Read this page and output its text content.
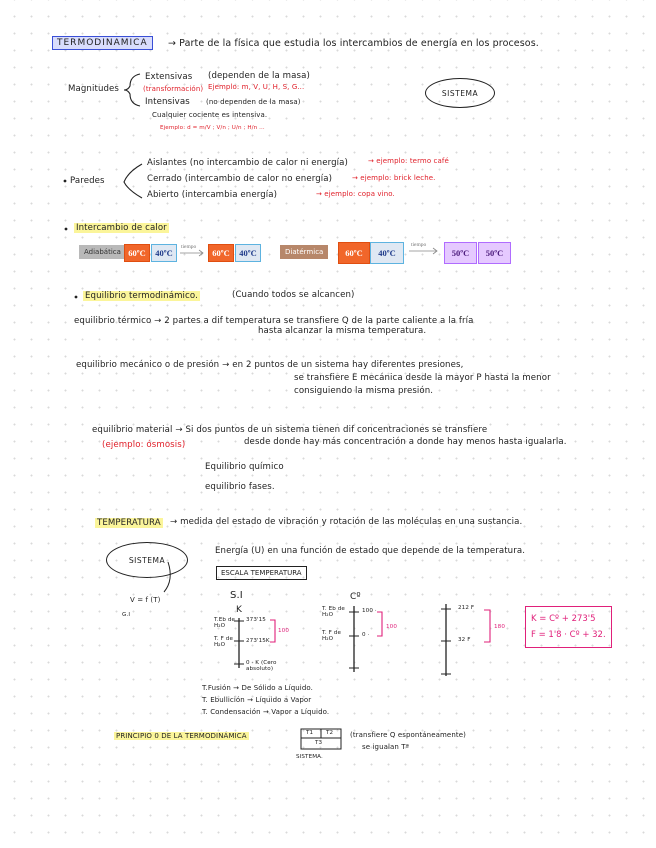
TERMODINAMICA	→ Parte de la física que estudia los intercambios de energía en los procesos.
Magnitudes
Extensivas (dependen de la masa)
(transformación) Ejemplo: m, V, U, H, S, G...
Intensivas (no dependen de la masa)
Cualquier cociente es intensiva.
Ejemplo: d = m/V ; V/n ; U/n ; H/n ...
SISTEMA
Paredes
Aislantes (no intercambio de calor ni energía)	→ ejemplo: termo café
Cerrado (intercambio de calor no energía)	→ ejemplo: brick leche.
Abierto (intercambia energía)	→ ejemplo: copa vino.
Intercambio de calor
Adiabática 60ºC	40ºC
tiempo
60ºC	40ºC	Diatérmica	60ºC	40ºC
tiempo
50ºC	50ºC
Equilibrio termodinámico.	(Cuando todos se alcancen)
equilibrio térmico → 2 partes a dif temperatura se transfiere Q de la parte caliente a la fría
hasta alcanzar la misma temperatura.
equilibrio mecánico o de presión → en 2 puntos de un sistema hay diferentes presiones,
se transfiere E mecánica desde la mayor P hasta la menor
consiguiendo la misma presión.
equilibrio material → Si dos puntos de un sistema tienen dif concentraciones se transfiere
desde donde hay más concentración a donde hay menos hasta igualarla.
(ejemplo: ósmosis)
Equilibrio químico
equilibrio fases.
TEMPERATURA → medida del estado de vibración y rotación de las moléculas en una sustancia.
SISTEMA
V = f (T)
G.I
Energía (U) en una función de estado que depende de la temperatura.
ESCALA TEMPERATURA
S.I	Cº
K
T.Eb de H₂O
373'15
T. F de H₂O
273'15K
100
0 · K (Cero absoluto)
T. Eb de H₂O
100 ·
T. F de H₂O
0 ·
100
212 F
32 F
180
K = Cº + 273'5
F = 1'8 · Cº + 32.
T.Fusión → De Sólido a Líquido.
T. Ebullición → Líquido a Vapor
T. Condensación → Vapor a Líquido.
PRINCIPIO 0 DE LA TERMODINÁMICA	T1 T2
T3
SISTEMA.
(transfiere Q espontáneamente)
se igualan Tª
